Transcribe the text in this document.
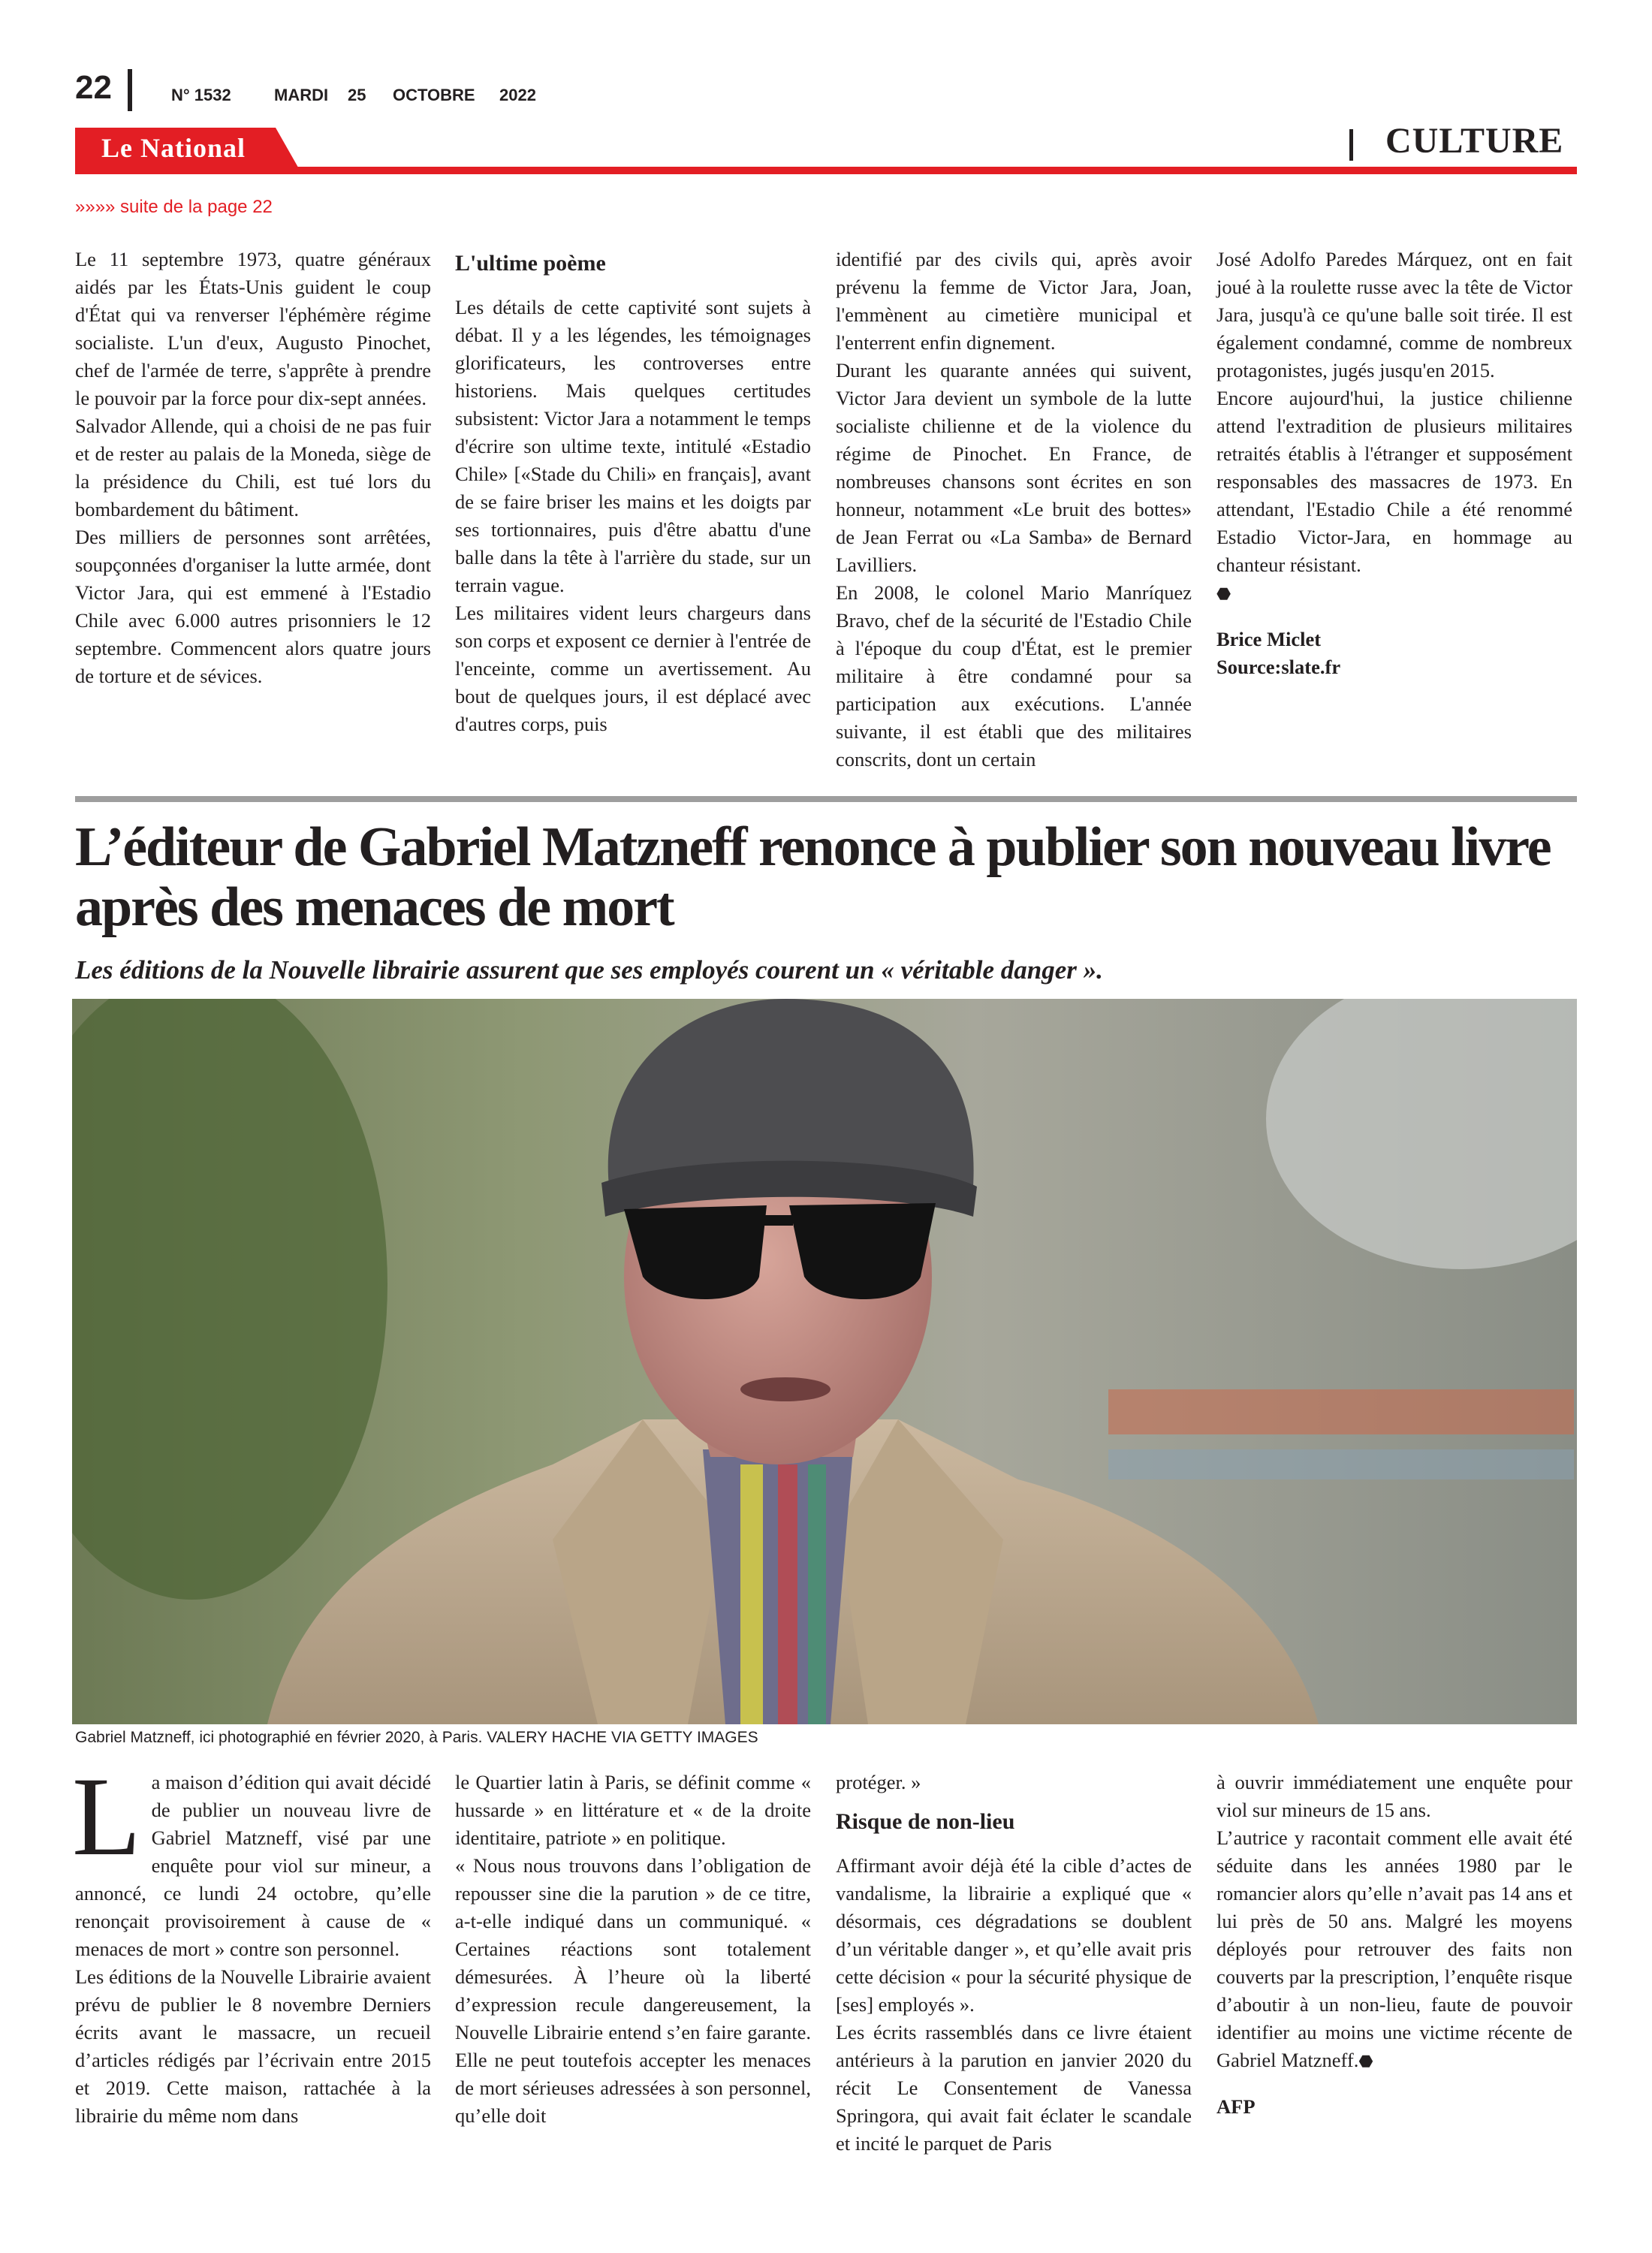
22	N° 1532	MARDI 25 OCTOBRE 2022
Le National	CULTURE
»»»» suite de la page 22

Le 11 septembre 1973, quatre généraux aidés par les États-Unis guident le coup d'État qui va renverser l'éphémère régime socialiste. L'un d'eux, Augusto Pinochet, chef de l'armée de terre, s'apprête à prendre le pouvoir par la force pour dix-sept années.

Salvador Allende, qui a choisi de ne pas fuir et de rester au palais de la Moneda, siège de la présidence du Chili, est tué lors du bombardement du bâtiment.

Des milliers de personnes sont arrêtées, soupçonnées d'organiser la lutte armée, dont Victor Jara, qui est emmené à l'Estadio Chile avec 6.000 autres prisonniers le 12 septembre. Commencent alors quatre jours de torture et de sévices.

L'ultime poème

Les détails de cette captivité sont sujets à débat. Il y a les légendes, les témoignages glorificateurs, les controverses entre historiens. Mais quelques certitudes subsistent: Victor Jara a notamment le temps d'écrire son ultime texte, intitulé «Estadio Chile» [«Stade du Chili» en français], avant de se faire briser les mains et les doigts par ses tortionnaires, puis d'être abattu d'une balle dans la tête à l'arrière du stade, sur un terrain vague.

Les militaires vident leurs chargeurs dans son corps et exposent ce dernier à l'entrée de l'enceinte, comme un avertissement. Au bout de quelques jours, il est déplacé avec d'autres corps, puis

identifié par des civils qui, après avoir prévenu la femme de Victor Jara, Joan, l'emmènent au cimetière municipal et l'enterrent enfin dignement.

Durant les quarante années qui suivent, Victor Jara devient un symbole de la lutte socialiste chilienne et de la violence du régime de Pinochet. En France, de nombreuses chansons sont écrites en son honneur, notamment «Le bruit des bottes» de Jean Ferrat ou «La Samba» de Bernard Lavilliers.

En 2008, le colonel Mario Manríquez Bravo, chef de la sécurité de l'Estadio Chile à l'époque du coup d'État, est le premier militaire à être condamné pour sa participation aux exécutions. L'année suivante, il est établi que des militaires conscrits, dont un certain

José Adolfo Paredes Márquez, ont en fait joué à la roulette russe avec la tête de Victor Jara, jusqu'à ce qu'une balle soit tirée. Il est également condamné, comme de nombreux protagonistes, jugés jusqu'en 2015.

Encore aujourd'hui, la justice chilienne attend l'extradition de plusieurs militaires retraités établis à l'étranger et supposément responsables des massacres de 1973. En attendant, l'Estadio Chile a été renommé Estadio Victor-Jara, en hommage au chanteur résistant.
⬣

Brice Miclet

Source:slate.fr

L’éditeur de Gabriel Matzneff renonce à publier son nouveau livre après des menaces de mort
Les éditions de la Nouvelle librairie assurent que ses employés courent un « véritable danger ».
Gabriel Matzneff, ici photographié en février 2020, à Paris. VALERY HACHE VIA GETTY IMAGES

La maison d’édition qui avait décidé de publier un nouveau livre de Gabriel Matzneff, visé par une enquête pour viol sur mineur, a annoncé, ce lundi 24 octobre, qu’elle renonçait provisoirement à cause de « menaces de mort » contre son personnel.

Les éditions de la Nouvelle Librairie avaient prévu de publier le 8 novembre Derniers écrits avant le massacre, un recueil d’articles rédigés par l’écrivain entre 2015 et 2019. Cette maison, rattachée à la librairie du même nom dans

le Quartier latin à Paris, se définit comme « hussarde » en littérature et « de la droite identitaire, patriote » en politique.

« Nous nous trouvons dans l’obligation de repousser sine die la parution » de ce titre, a-t-elle indiqué dans un communiqué. « Certaines réactions sont totalement démesurées. À l’heure où la liberté d’expression recule dangereusement, la Nouvelle Librairie entend s’en faire garante. Elle ne peut toutefois accepter les menaces de mort sérieuses adressées à son personnel, qu’elle doit

protéger. »

Risque de non-lieu

Affirmant avoir déjà été la cible d’actes de vandalisme, la librairie a expliqué que « désormais, ces dégradations se doublent d’un véritable danger », et qu’elle avait pris cette décision « pour la sécurité physique de [ses] employés ».

Les écrits rassemblés dans ce livre étaient antérieurs à la parution en janvier 2020 du récit Le Consentement de Vanessa Springora, qui avait fait éclater le scandale et incité le parquet de Paris

à ouvrir immédiatement une enquête pour viol sur mineurs de 15 ans.

L’autrice y racontait comment elle avait été séduite dans les années 1980 par le romancier alors qu’elle n’avait pas 14 ans et lui près de 50 ans. Malgré les moyens déployés pour retrouver des faits non couverts par la prescription, l’enquête risque d’aboutir à un non-lieu, faute de pouvoir identifier au moins une victime récente de Gabriel Matzneff.⬣

AFP
